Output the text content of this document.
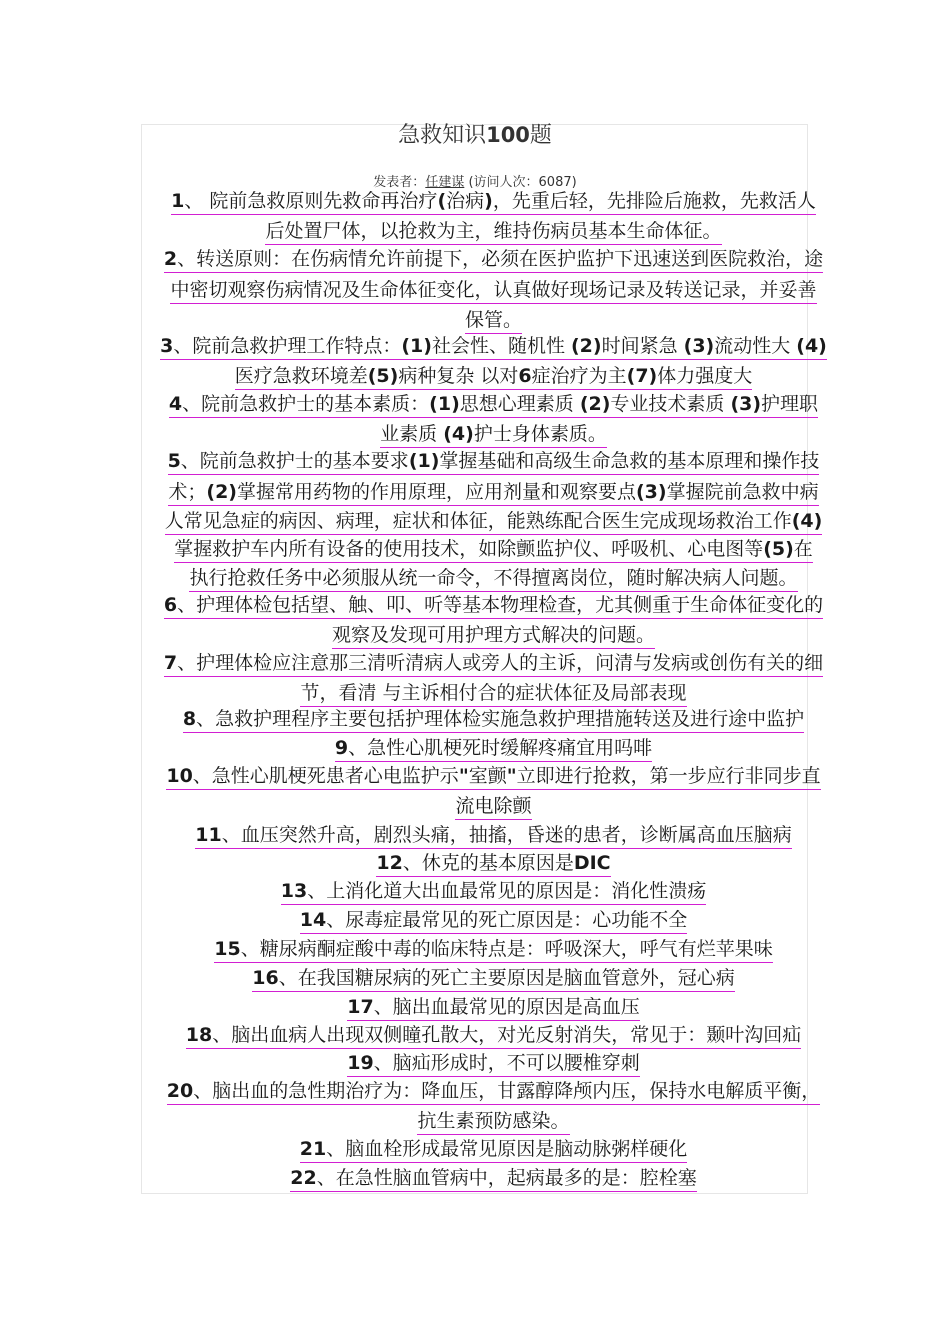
急救知识100题
发表者：任建谋 (访问人次：6087)
1、 院前急救原则先救命再治疗(治病)，先重后轻，先排险后施救，先救活人
后处置尸体，以抢救为主，维持伤病员基本生命体征。
2、转送原则：在伤病情允许前提下，必须在医护监护下迅速送到医院救治，途
中密切观察伤病情况及生命体征变化，认真做好现场记录及转送记录，并妥善
保管。
3、院前急救护理工作特点：(1)社会性、随机性 (2)时间紧急 (3)流动性大 (4)
医疗急救环境差(5)病种复杂 以对6症治疗为主(7)体力强度大
4、院前急救护士的基本素质：(1)思想心理素质 (2)专业技术素质 (3)护理职
业素质 (4)护士身体素质。
5、院前急救护士的基本要求(1)掌握基础和高级生命急救的基本原理和操作技
术；(2)掌握常用药物的作用原理，应用剂量和观察要点(3)掌握院前急救中病
人常见急症的病因、病理，症状和体征，能熟练配合医生完成现场救治工作(4)
掌握救护车内所有设备的使用技术，如除颤监护仪、呼吸机、心电图等(5)在
执行抢救任务中必须服从统一命令，不得擅离岗位，随时解决病人问题。
6、护理体检包括望、触、叩、听等基本物理检查，尤其侧重于生命体征变化的
观察及发现可用护理方式解决的问题。
7、护理体检应注意那三清听清病人或旁人的主诉，问清与发病或创伤有关的细
节，看清 与主诉相付合的症状体征及局部表现
8、急救护理程序主要包括护理体检实施急救护理措施转送及进行途中监护
9、急性心肌梗死时缓解疼痛宜用吗啡
10、急性心肌梗死患者心电监护示"室颤"立即进行抢救，第一步应行非同步直
流电除颤
11、血压突然升高，剧烈头痛，抽搐，昏迷的患者，诊断属高血压脑病
12、休克的基本原因是DIC
13、上消化道大出血最常见的原因是：消化性溃疡
14、尿毒症最常见的死亡原因是：心功能不全
15、糖尿病酮症酸中毒的临床特点是：呼吸深大，呼气有烂苹果味
16、在我国糖尿病的死亡主要原因是脑血管意外，冠心病
17、脑出血最常见的原因是高血压
18、脑出血病人出现双侧瞳孔散大，对光反射消失，常见于：颞叶沟回疝
19、脑疝形成时，不可以腰椎穿刺
20、脑出血的急性期治疗为：降血压，甘露醇降颅内压，保持水电解质平衡，
抗生素预防感染。
21、脑血栓形成最常见原因是脑动脉粥样硬化
22、在急性脑血管病中，起病最多的是：腔栓塞
